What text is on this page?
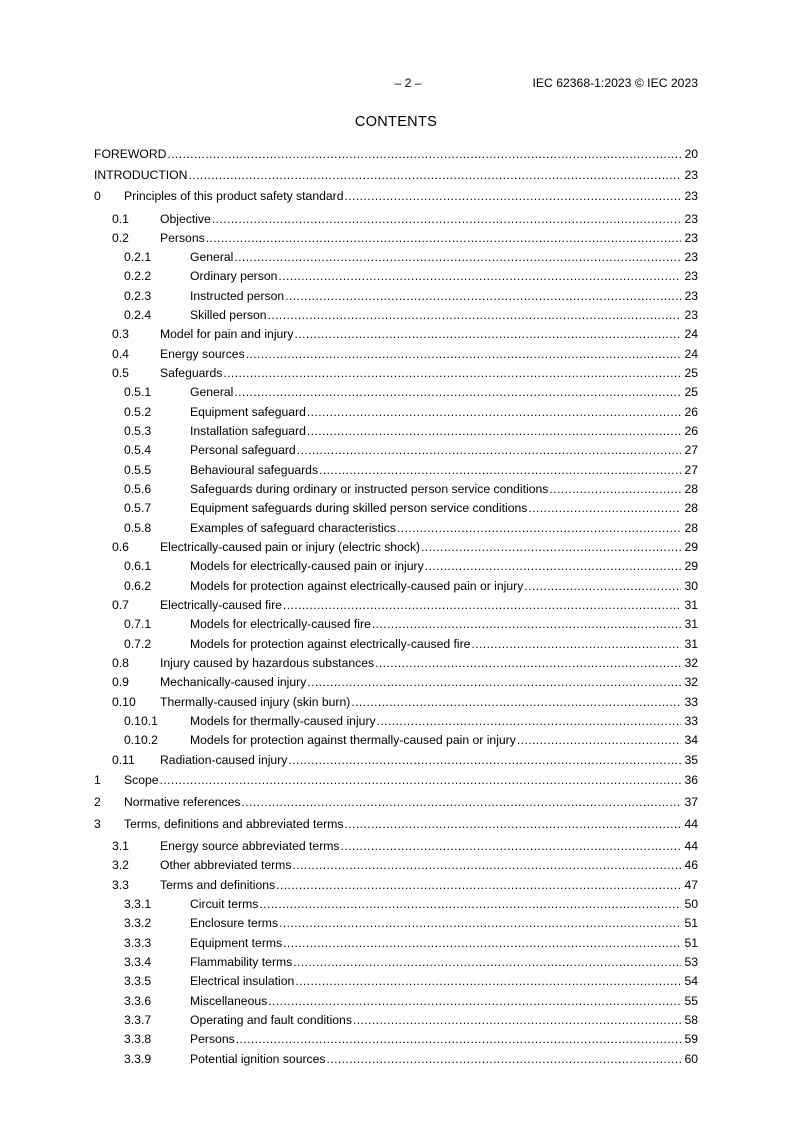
– 2 –	IEC 62368-1:2023 © IEC 2023
CONTENTS
FOREWORD .....	20
INTRODUCTION .....	23
0	Principles of this product safety standard .....	23
0.1	Objective .....	23
0.2	Persons .....	23
0.2.1	General .....	23
0.2.2	Ordinary person .....	23
0.2.3	Instructed person .....	23
0.2.4	Skilled person .....	23
0.3	Model for pain and injury .....	24
0.4	Energy sources .....	24
0.5	Safeguards .....	25
0.5.1	General .....	25
0.5.2	Equipment safeguard .....	26
0.5.3	Installation safeguard .....	26
0.5.4	Personal safeguard .....	27
0.5.5	Behavioural safeguards .....	27
0.5.6	Safeguards during ordinary or instructed person service conditions .....	28
0.5.7	Equipment safeguards during skilled person service conditions .....	28
0.5.8	Examples of safeguard characteristics .....	28
0.6	Electrically-caused pain or injury (electric shock) .....	29
0.6.1	Models for electrically-caused pain or injury .....	29
0.6.2	Models for protection against electrically-caused pain or injury .....	30
0.7	Electrically-caused fire .....	31
0.7.1	Models for electrically-caused fire .....	31
0.7.2	Models for protection against electrically-caused fire .....	31
0.8	Injury caused by hazardous substances .....	32
0.9	Mechanically-caused injury .....	32
0.10	Thermally-caused injury (skin burn) .....	33
0.10.1	Models for thermally-caused injury .....	33
0.10.2	Models for protection against thermally-caused pain or injury .....	34
0.11	Radiation-caused injury .....	35
1	Scope .....	36
2	Normative references .....	37
3	Terms, definitions and abbreviated terms .....	44
3.1	Energy source abbreviated terms .....	44
3.2	Other abbreviated terms .....	46
3.3	Terms and definitions .....	47
3.3.1	Circuit terms .....	50
3.3.2	Enclosure terms .....	51
3.3.3	Equipment terms .....	51
3.3.4	Flammability terms .....	53
3.3.5	Electrical insulation .....	54
3.3.6	Miscellaneous .....	55
3.3.7	Operating and fault conditions .....	58
3.3.8	Persons .....	59
3.3.9	Potential ignition sources .....	60
